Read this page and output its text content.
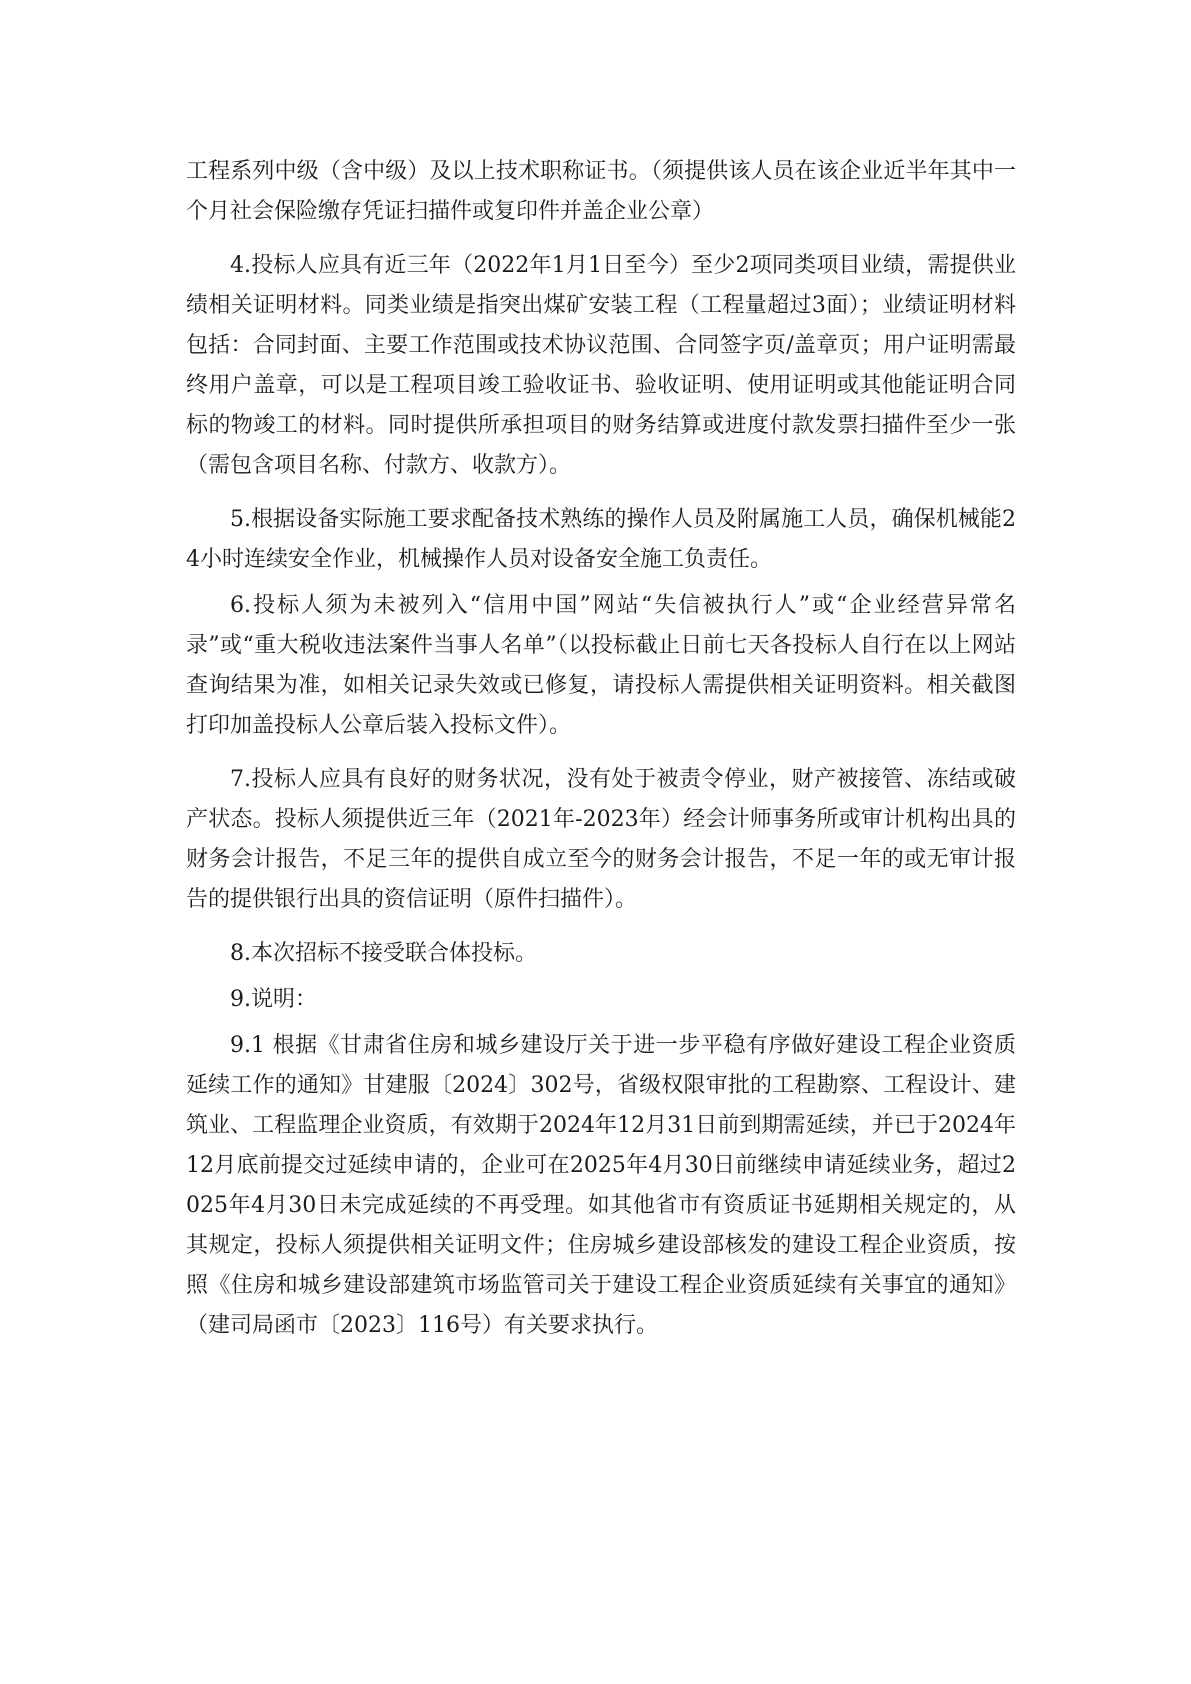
工程系列中级（含中级）及以上技术职称证书。（须提供该人员在该企业近半年其中一个月社会保险缴存凭证扫描件或复印件并盖企业公章）

4.投标人应具有近三年（2022年1月1日至今）至少2项同类项目业绩，需提供业绩相关证明材料。同类业绩是指突出煤矿安装工程（工程量超过3面）；业绩证明材料包括：合同封面、主要工作范围或技术协议范围、合同签字页/盖章页；用户证明需最终用户盖章，可以是工程项目竣工验收证书、验收证明、使用证明或其他能证明合同标的物竣工的材料。同时提供所承担项目的财务结算或进度付款发票扫描件至少一张（需包含项目名称、付款方、收款方）。

5.根据设备实际施工要求配备技术熟练的操作人员及附属施工人员，确保机械能24小时连续安全作业，机械操作人员对设备安全施工负责任。

6.投标人须为未被列入“信用中国”网站“失信被执行人”或“企业经营异常名录”或“重大税收违法案件当事人名单”（以投标截止日前七天各投标人自行在以上网站查询结果为准，如相关记录失效或已修复，请投标人需提供相关证明资料。相关截图打印加盖投标人公章后装入投标文件）。

7.投标人应具有良好的财务状况，没有处于被责令停业，财产被接管、冻结或破产状态。投标人须提供近三年（2021年-2023年）经会计师事务所或审计机构出具的财务会计报告，不足三年的提供自成立至今的财务会计报告，不足一年的或无审计报告的提供银行出具的资信证明（原件扫描件）。

8.本次招标不接受联合体投标。

9.说明：

9.1 根据《甘肃省住房和城乡建设厅关于进一步平稳有序做好建设工程企业资质延续工作的通知》甘建服〔2024〕302号，省级权限审批的工程勘察、工程设计、建筑业、工程监理企业资质，有效期于2024年12月31日前到期需延续，并已于2024年12月底前提交过延续申请的，企业可在2025年4月30日前继续申请延续业务，超过2025年4月30日未完成延续的不再受理。如其他省市有资质证书延期相关规定的，从其规定，投标人须提供相关证明文件；住房城乡建设部核发的建设工程企业资质，按照《住房和城乡建设部建筑市场监管司关于建设工程企业资质延续有关事宜的通知》（建司局函市〔2023〕116号）有关要求执行。
